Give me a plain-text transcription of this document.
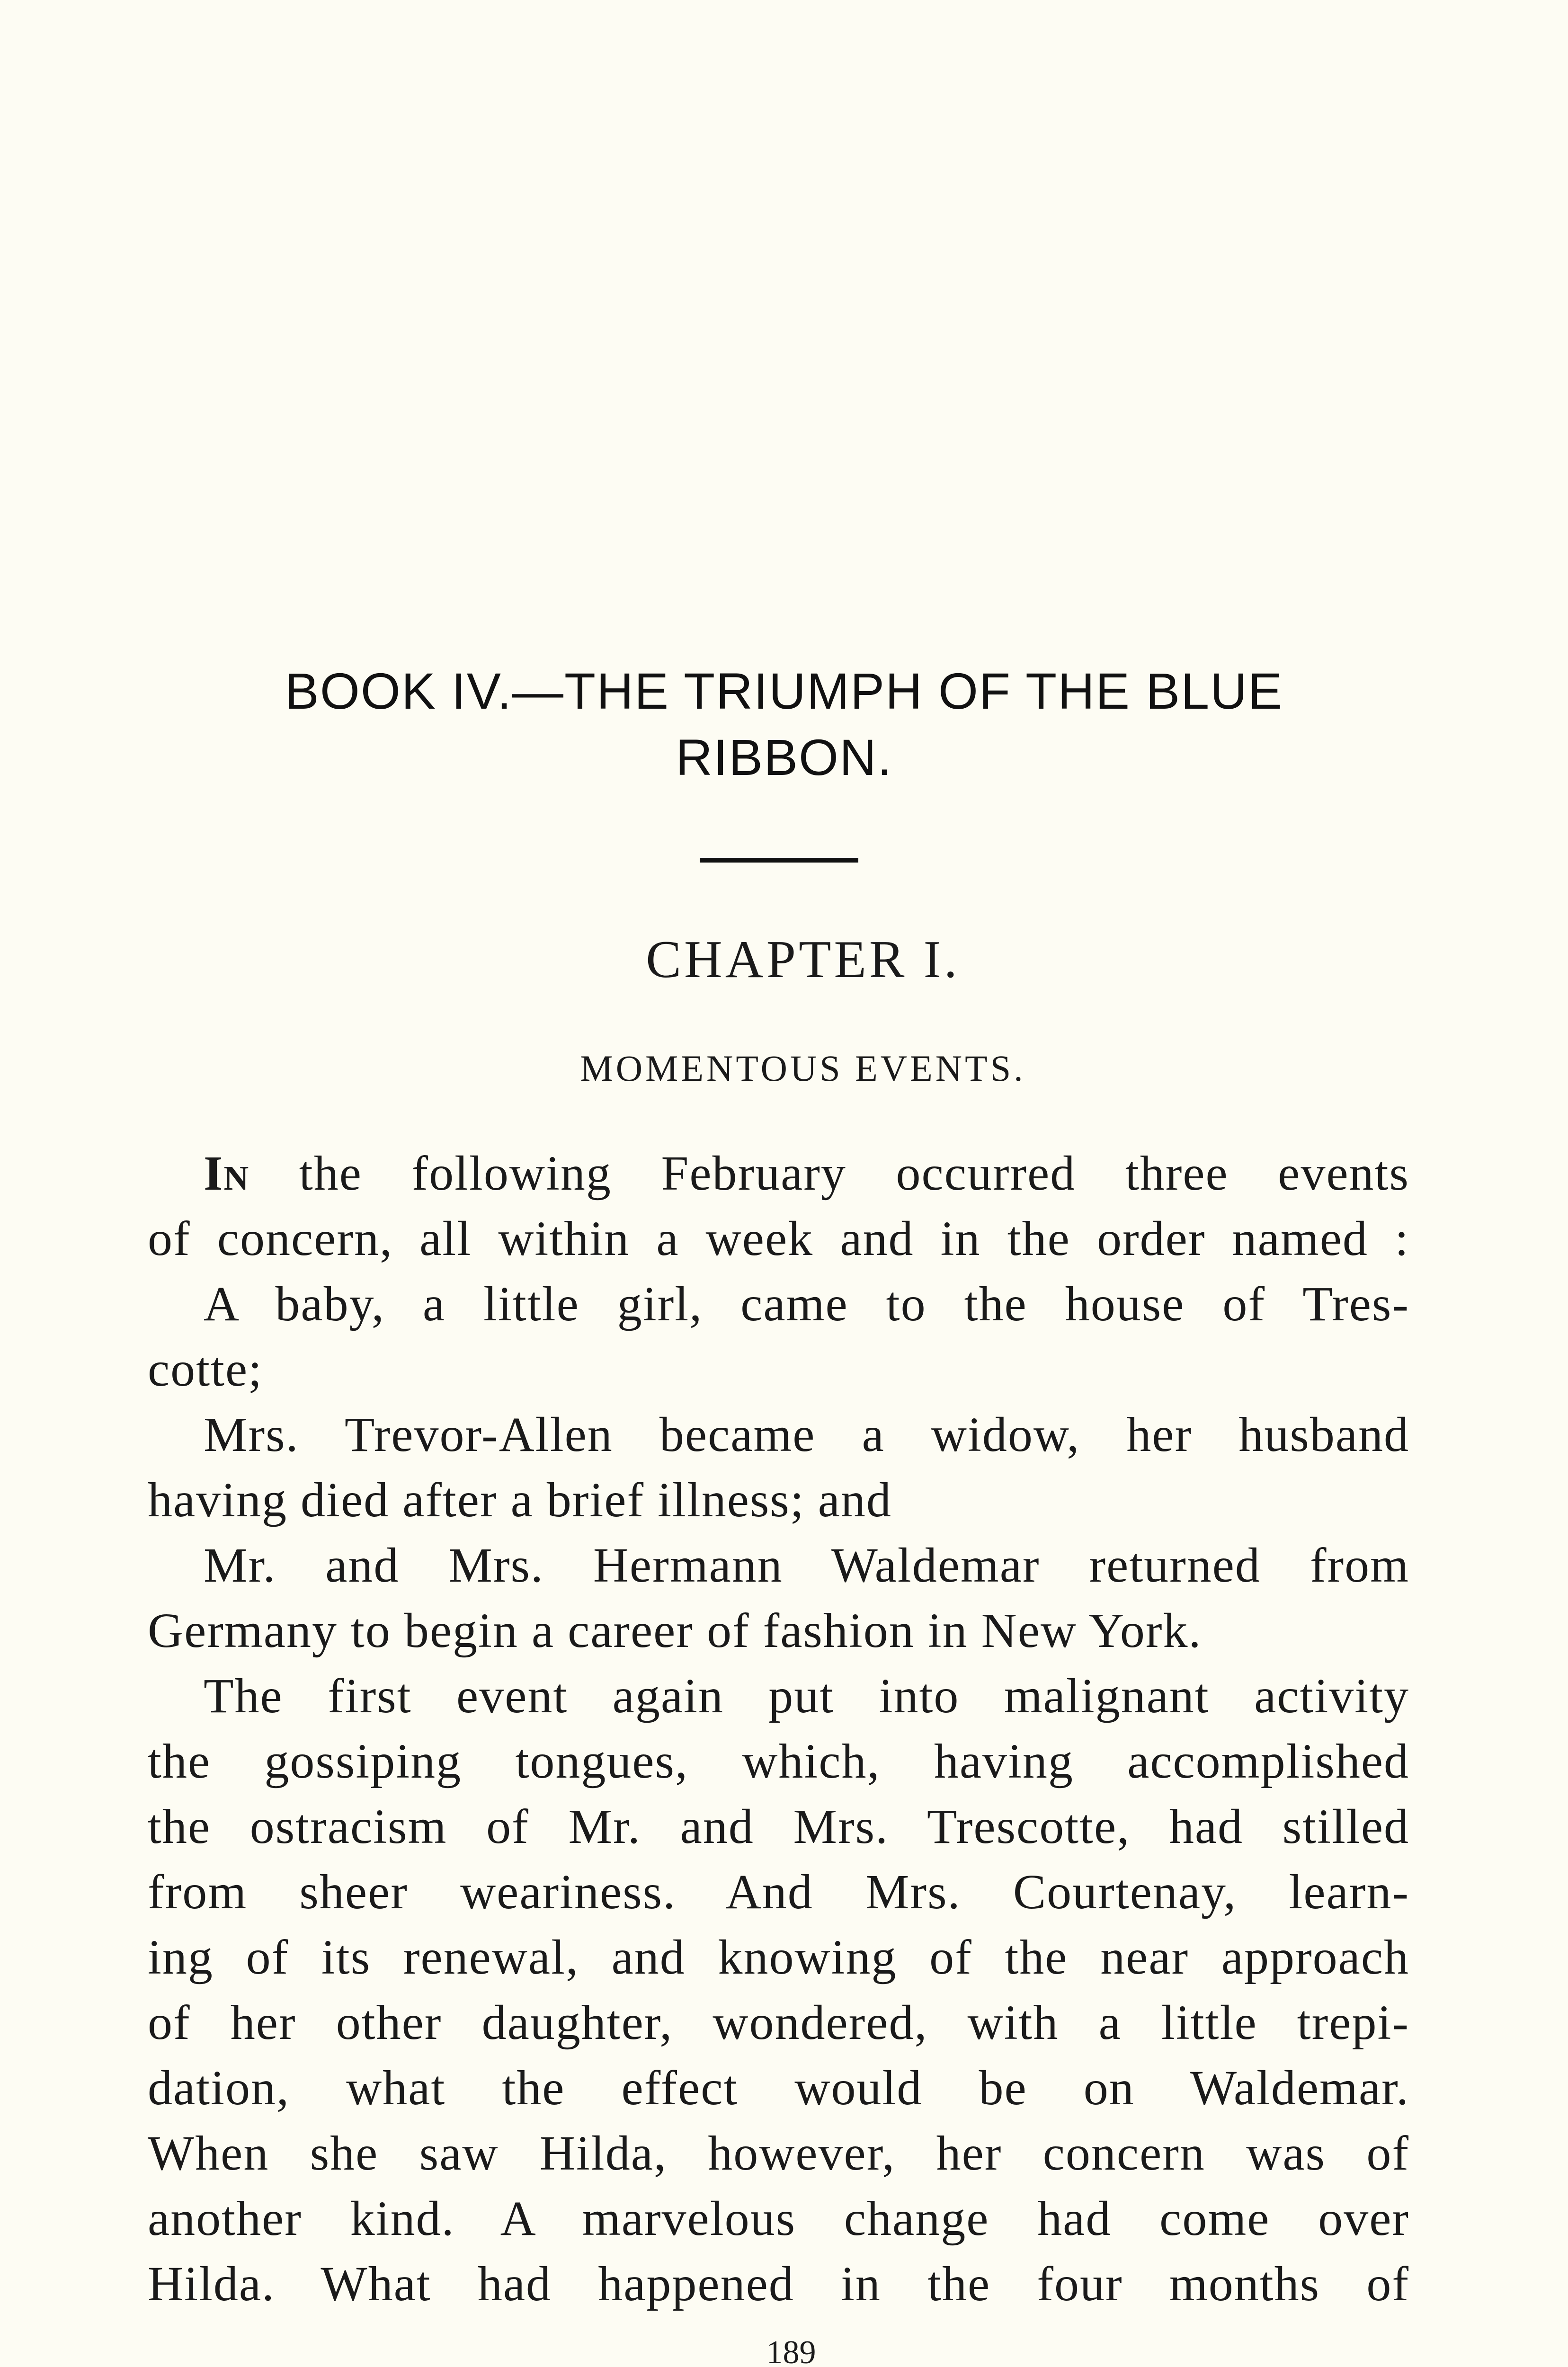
BOOK IV.—THE TRIUMPH OF THE BLUE
RIBBON.
CHAPTER I.
MOMENTOUS EVENTS.
In the following February occurred three events
of concern, all within a week and in the order named :
A baby, a little girl, came to the house of Tres-
cotte;
Mrs. Trevor-Allen became a widow, her husband
having died after a brief illness; and
Mr. and Mrs. Hermann Waldemar returned from
Germany to begin a career of fashion in New York.
The first event again put into malignant activity
the gossiping tongues, which, having accomplished
the ostracism of Mr. and Mrs. Trescotte, had stilled
from sheer weariness. And Mrs. Courtenay, learn-
ing of its renewal, and knowing of the near approach
of her other daughter, wondered, with a little trepi-
dation, what the effect would be on Waldemar.
When she saw Hilda, however, her concern was of
another kind. A marvelous change had come over
Hilda. What had happened in the four months of
189
